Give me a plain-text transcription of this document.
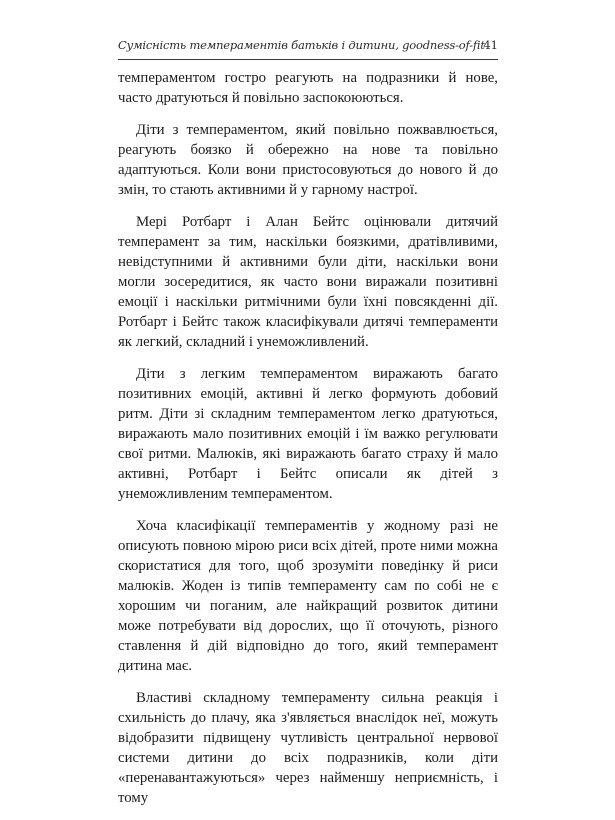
Сумісність темпераментів батьків і дитини, goodness-of-fit
41

темпераментом гостро реагують на подразники й нове, часто дратуються й повільно заспокоюються.

Діти з темпераментом, який повільно пожвавлюється, реагують боязко й обережно на нове та повільно адаптуються. Коли вони пристосовуються до нового й до змін, то стають активними й у гарному настрої.

Мері Ротбарт і Алан Бейтс оцінювали дитячий темперамент за тим, наскільки боязкими, дратівливими, невідступними й активними були діти, наскільки вони могли зосередитися, як часто вони виражали позитивні емоції і наскільки ритмічними були їхні повсякденні дії. Ротбарт і Бейтс також класифікували дитячі темпераменти як легкий, складний і унеможливлений.

Діти з легким темпераментом виражають багато позитивних емоцій, активні й легко формують добовий ритм. Діти зі складним темпераментом легко дратуються, виражають мало позитивних емоцій і їм важко регулювати свої ритми. Малюків, які виражають багато страху й мало активні, Ротбарт і Бейтс описали як дітей з унеможливленим темпераментом.

Хоча класифікації темпераментів у жодному разі не описують повною мірою риси всіх дітей, проте ними можна скористатися для того, щоб зрозуміти поведінку й риси малюків. Жоден із типів темпераменту сам по собі не є хорошим чи поганим, але найкращий розвиток дитини може потребувати від дорослих, що її оточують, різного ставлення й дій відповідно до того, який темперамент дитина має.

Властиві складному темпераменту сильна реакція і схильність до плачу, яка з'являється внаслідок неї, можуть відобразити підвищену чутливість центральної нервової системи дитини до всіх подразників, коли діти «перенавантажуються» через найменшу неприємність, і тому
